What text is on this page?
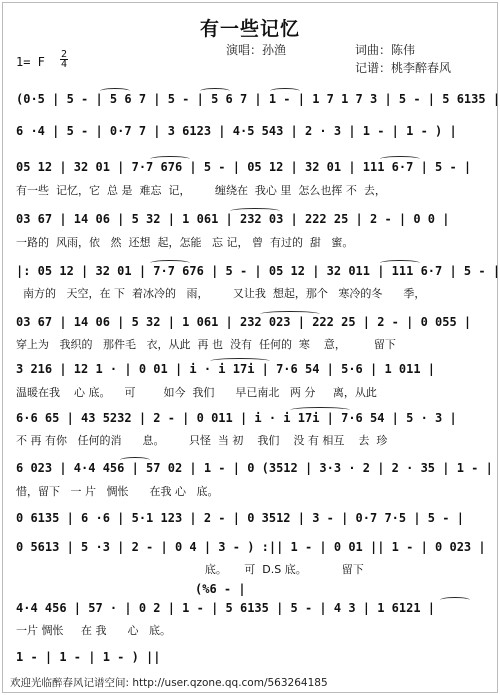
有一些记忆
演唱：孙渔	词曲：陈伟
记谱：桃李醉春风
1= F
2
4
(0·5 | 5 - | 5 6 7 | 5 - | 5 6 7 | 1 - | 1 7 1 7 3 | 5 - | 5 6135 |
6 ·4 | 5 - | 0·7 7 | 3 6123 | 4·5 543 | 2 · 3 | 1 - | 1 - ) |
05 12 | 32 01 | 7·7 676 | 5 - | 05 12 | 32 01 | 111 6·7 | 5 - |
有一些  记忆，它  总 是  难忘  记，       缠绕在  我心 里  怎么也挥 不  去，
03 67 | 14 06 | 5 32 | 1 061 | 232 03 | 222 25 | 2 - | 0 0 |
一路的  风雨，依   然  还想  起，怎能   忘 记， 曾  有过的  甜   蜜。
|: 05 12 | 32 01 | 7·7 676 | 5 - | 05 12 | 32 011 | 111 6·7 | 5 - |
南方的   天空，在 下  着冰冷的   雨，       又让我  想起，那个   寒冷的冬      季，
03 67 | 14 06 | 5 32 | 1 061 | 232 023 | 222 25 | 2 - | 0 055 |
穿上为   我织的   那件毛   衣，从此  再 也  没有  任何的  寒    意，        留下
3 216 | 12 1 · | 0 01 | i · i 17i | 7·6 54 | 5·6 | 1 011 |
温暖在我    心 底。    可        如今  我们      早已南北   两 分     离，从此
6·6 65 | 43 5232 | 2 - | 0 011 | i · i 17i | 7·6 54 | 5 · 3 |
不 再 有你   任何的消      息。       只怪  当 初    我们    没 有 相互    去  珍
6 023 | 4·4 456 | 57 02 | 1 - | 0 (3512 | 3·3 · 2 | 2 · 35 | 1 - |
惜，留下   一 片   惆怅      在我 心   底。
0 6135 | 6 ·6 | 5·1 123 | 2 - | 0 3512 | 3 - | 0·7 7·5 | 5 - |
0 5613 | 5 ·3 | 2 - | 0 4 | 3 - ) :|| 1 - | 0 01 || 1 - | 0 023 |
底。     可  D.S 底。          留下
(%6 - |
4·4 456 | 57 · | 0 2 | 1 - | 5 6135 | 5 - | 4 3 | 1 6121 |
一片 惆怅     在 我      心   底。
1 - | 1 - | 1 - ) ||
欢迎光临醉春风记谱空间: http://user.qzone.qq.com/563264185
